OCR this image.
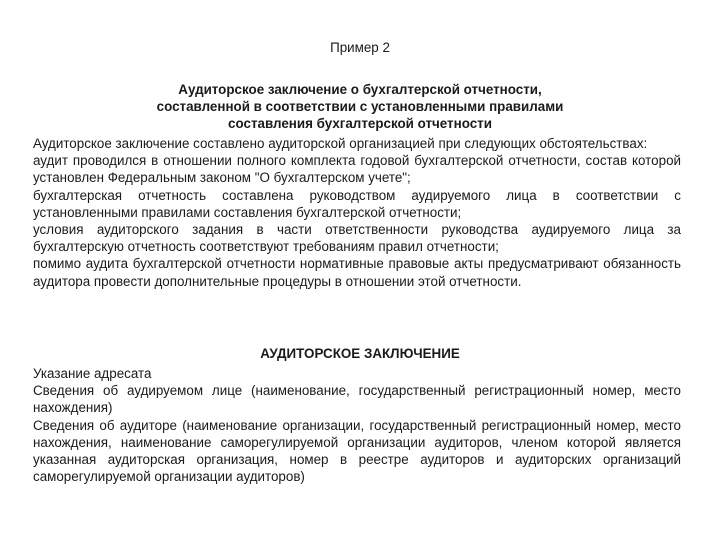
Пример 2
Аудиторское заключение о бухгалтерской отчетности,
составленной в соответствии с установленными правилами
составления бухгалтерской отчетности

Аудиторское заключение составлено аудиторской организацией при следующих обстоятельствах:

аудит проводился в отношении полного комплекта годовой бухгалтерской отчетности, состав которой установлен Федеральным законом "О бухгалтерском учете";

бухгалтерская отчетность составлена руководством аудируемого лица в соответствии с установленными правилами составления бухгалтерской отчетности;

условия аудиторского задания в части ответственности руководства аудируемого лица за бухгалтерскую отчетность соответствуют требованиям правил отчетности;

помимо аудита бухгалтерской отчетности нормативные правовые акты предусматривают обязанность аудитора провести дополнительные процедуры в отношении этой отчетности.

АУДИТОРСКОЕ ЗАКЛЮЧЕНИЕ

Указание адресата

Сведения об аудируемом лице (наименование, государственный регистрационный номер, место нахождения)

Сведения об аудиторе (наименование организации, государственный регистрационный номер, место нахождения, наименование саморегулируемой организации аудиторов, членом которой является указанная аудиторская организация, номер в реестре аудиторов и аудиторских организаций саморегулируемой организации аудиторов)
